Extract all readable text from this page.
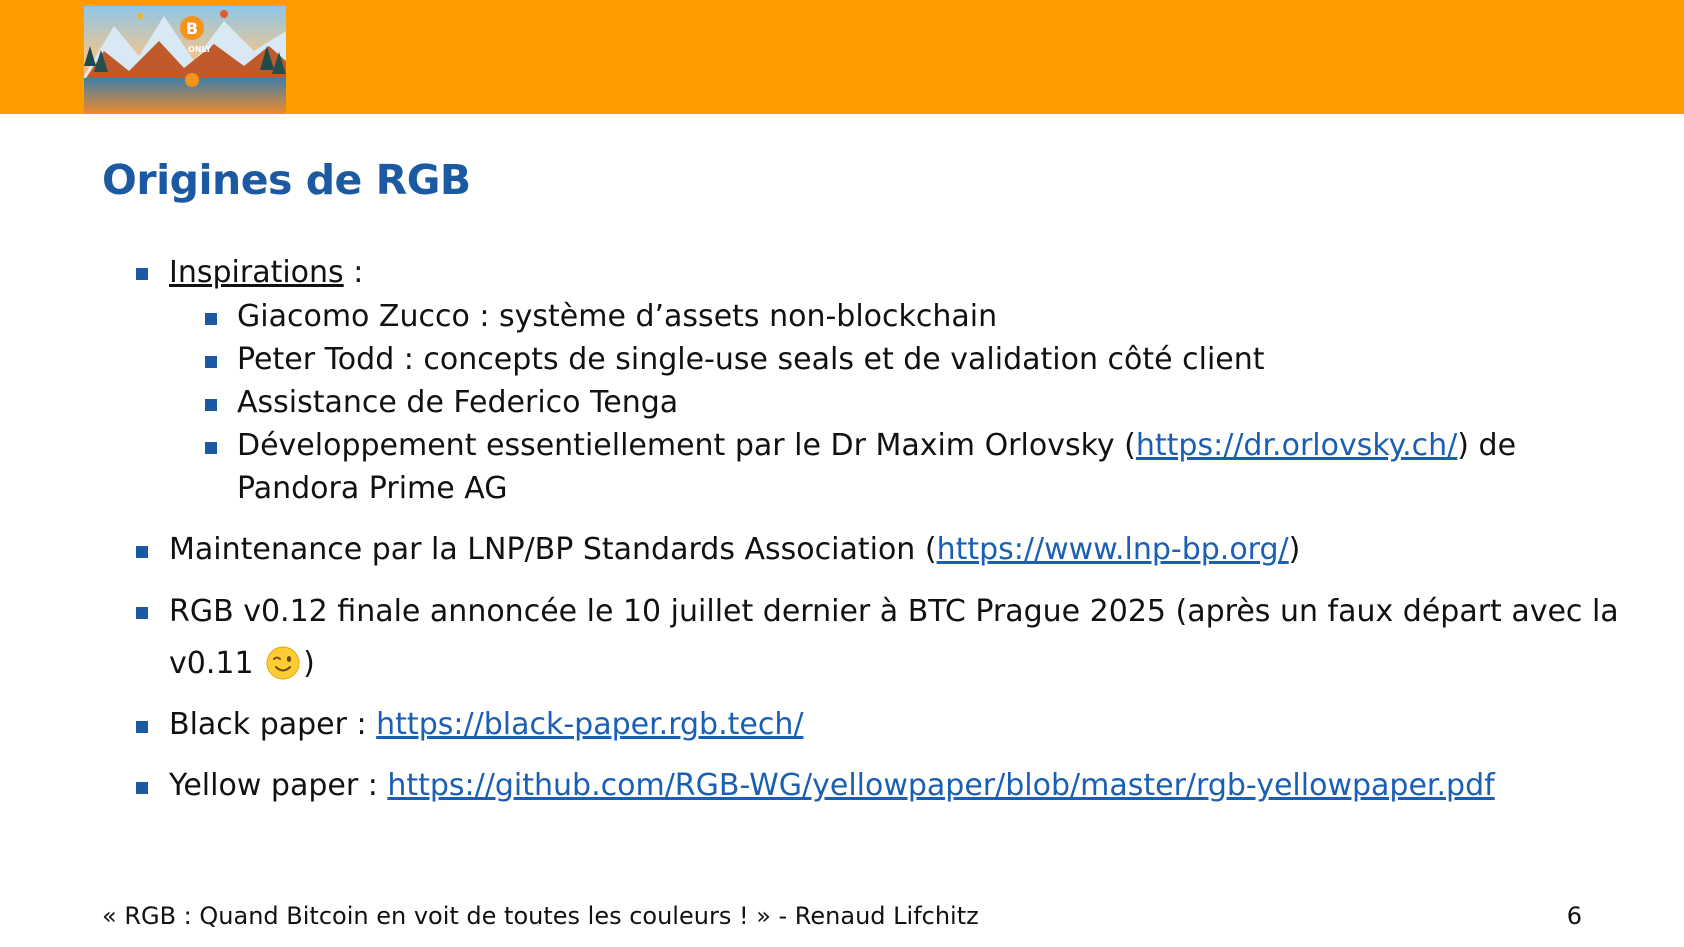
B
ONLY
Origines de RGB
Inspirations :
Giacomo Zucco : système d’assets non-blockchain
Peter Todd : concepts de single-use seals et de validation côté client
Assistance de Federico Tenga
Développement essentiellement par le Dr Maxim Orlovsky (https://dr.orlovsky.ch/) de
Pandora Prime AG
Maintenance par la LNP/BP Standards Association (https://www.lnp-bp.org/)
RGB v0.12 finale annoncée le 10 juillet dernier à BTC Prague 2025 (après un faux départ avec la
v0.11 )
Black paper : https://black-paper.rgb.tech/
Yellow paper : https://github.com/RGB-WG/yellowpaper/blob/master/rgb-yellowpaper.pdf
« RGB : Quand Bitcoin en voit de toutes les couleurs ! » - Renaud Lifchitz	6
